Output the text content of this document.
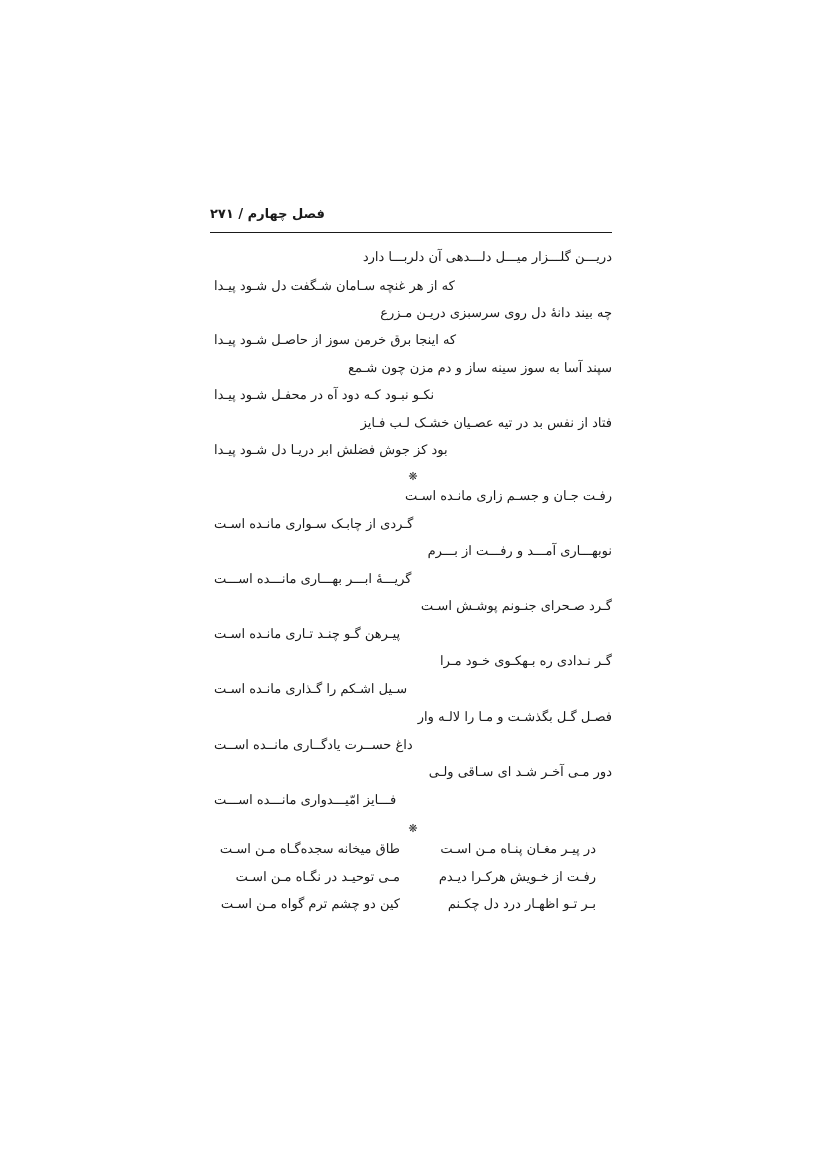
فصل چهارم / ۲۷۱
دریـــن گلـــزار میـــل دلـــدهی آن دلربـــا دارد
که از هر غنچه سـامان شـگفت دل شـود پیـدا
چه بیند دانهٔ دل روی سرسبزی دریـن مـزرع
که اینجا برق خرمن سوز از حاصـل شـود پیـدا
سپند آسا به سوز سینه ساز و دم مزن چون شـمع
نکـو نبـود کـه دود آه در محفـل شـود پیـدا
فتاد از نفس بد در تیه عصـیان خشـک لـب فـایز
بود کز جوش فضلش ابر دریـا دل شـود پیـدا
❋
رفـت جـان و جسـم زاری مانـده اسـت
گـردی از چابـک سـواری مانـده اسـت
نوبهـــاری آمـــد و رفـــت از بـــرم
گریـــهٔ ابـــر بهـــاری مانـــده اســـت
گـرد صـحرای جنـونم پوشـش اسـت
پیـرهن گـو چنـد تـاری مانـده اسـت
گـر نـدادی ره بـهکـوی خـود مـرا
سـیل اشـکم را گـذاری مانـده اسـت
فصـل گـل بگذشـت و مـا را لالـه وار
داغ حســرت یادگــاری مانــده اســت
دور مـی آخـر شـد ای سـاقی ولـی
فـــایز امّیـــدواری مانـــده اســـت
❋
در پیـر مغـان پنـاه مـن اسـت
طاق میخانه سجده‌گـاه مـن اسـت
رفـت از خـویش هرکـرا دیـدم
مـی توحیـد در نگـاه مـن اسـت
بـر تـو اظهـار درد دل چکـنم
کین دو چشم ترم گواه مـن اسـت
